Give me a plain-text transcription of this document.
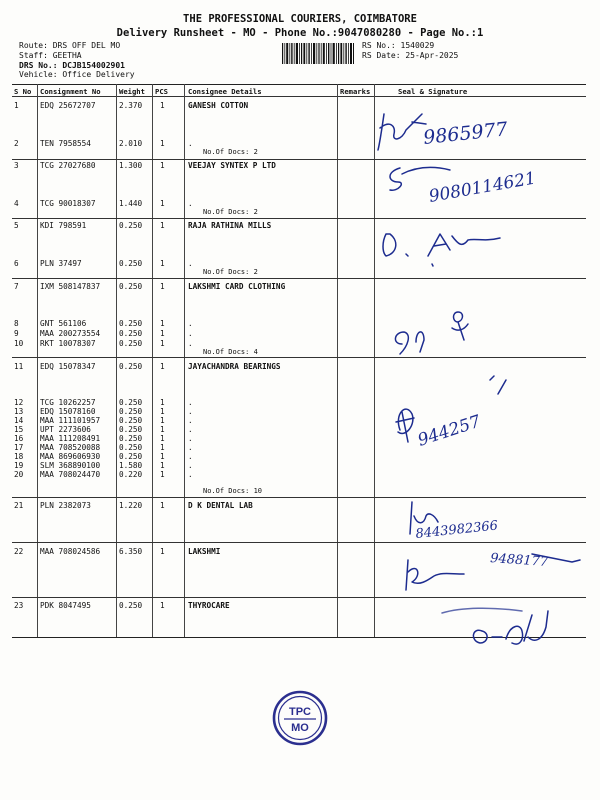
THE PROFESSIONAL COURIERS, COIMBATORE
Delivery Runsheet - MO - Phone No.:9047080280 - Page No.:1
Route: DRS OFF DEL MO
Staff: GEETHA
DRS No.: DCJB154002901
Vehicle: Office Delivery
RS No.: 1540029
RS Date: 25-Apr-2025
S No Consignment No	Weight PCS	Consignee Details	Remarks	Seal & Signature
1	EDQ 25672707	2.370 1	GANESH COTTON
2	TEN 7958554	2.010 1	.
3	TCG 27027680	1.300 1	VEEJAY SYNTEX P LTD
4	TCG 90018307	1.440 1	.
5	KDI 798591	0.250 1	RAJA RATHINA MILLS
6	PLN 37497	0.250 1	.
7	IXM 508147837 0.250 1	LAKSHMI CARD CLOTHING
8	GNT 561106	0.250 1	.
9	MAA 200273554 0.250 1	.
10 RKT 10078307	0.250 1	.
11 EDQ 15078347	0.250 1	JAYACHANDRA BEARINGS
12 TCG 10262257	0.250 1	.
13 EDQ 15078160	0.250 1	.
14 MAA 111101957 0.250 1	.
15 UPT 2273606	0.250 1	.
16 MAA 111208491 0.250 1	.
17 MAA 708520088 0.250 1	.
18 MAA 869606930 0.250 1	.
19 SLM 368890100 1.580 1	.
20 MAA 708024470 0.220 1	.
21 PLN 2382073	1.220 1	D K DENTAL LAB
22 MAA 708024586 6.350 1	LAKSHMI
23 PDK 8047495	0.250 1	THYROCARE
No.Of Docs: 2
No.Of Docs: 2
No.Of Docs: 2
No.Of Docs: 4
No.Of Docs: 10
9865977
9080114621
944257
8443982366
9488177
TPC
MO
